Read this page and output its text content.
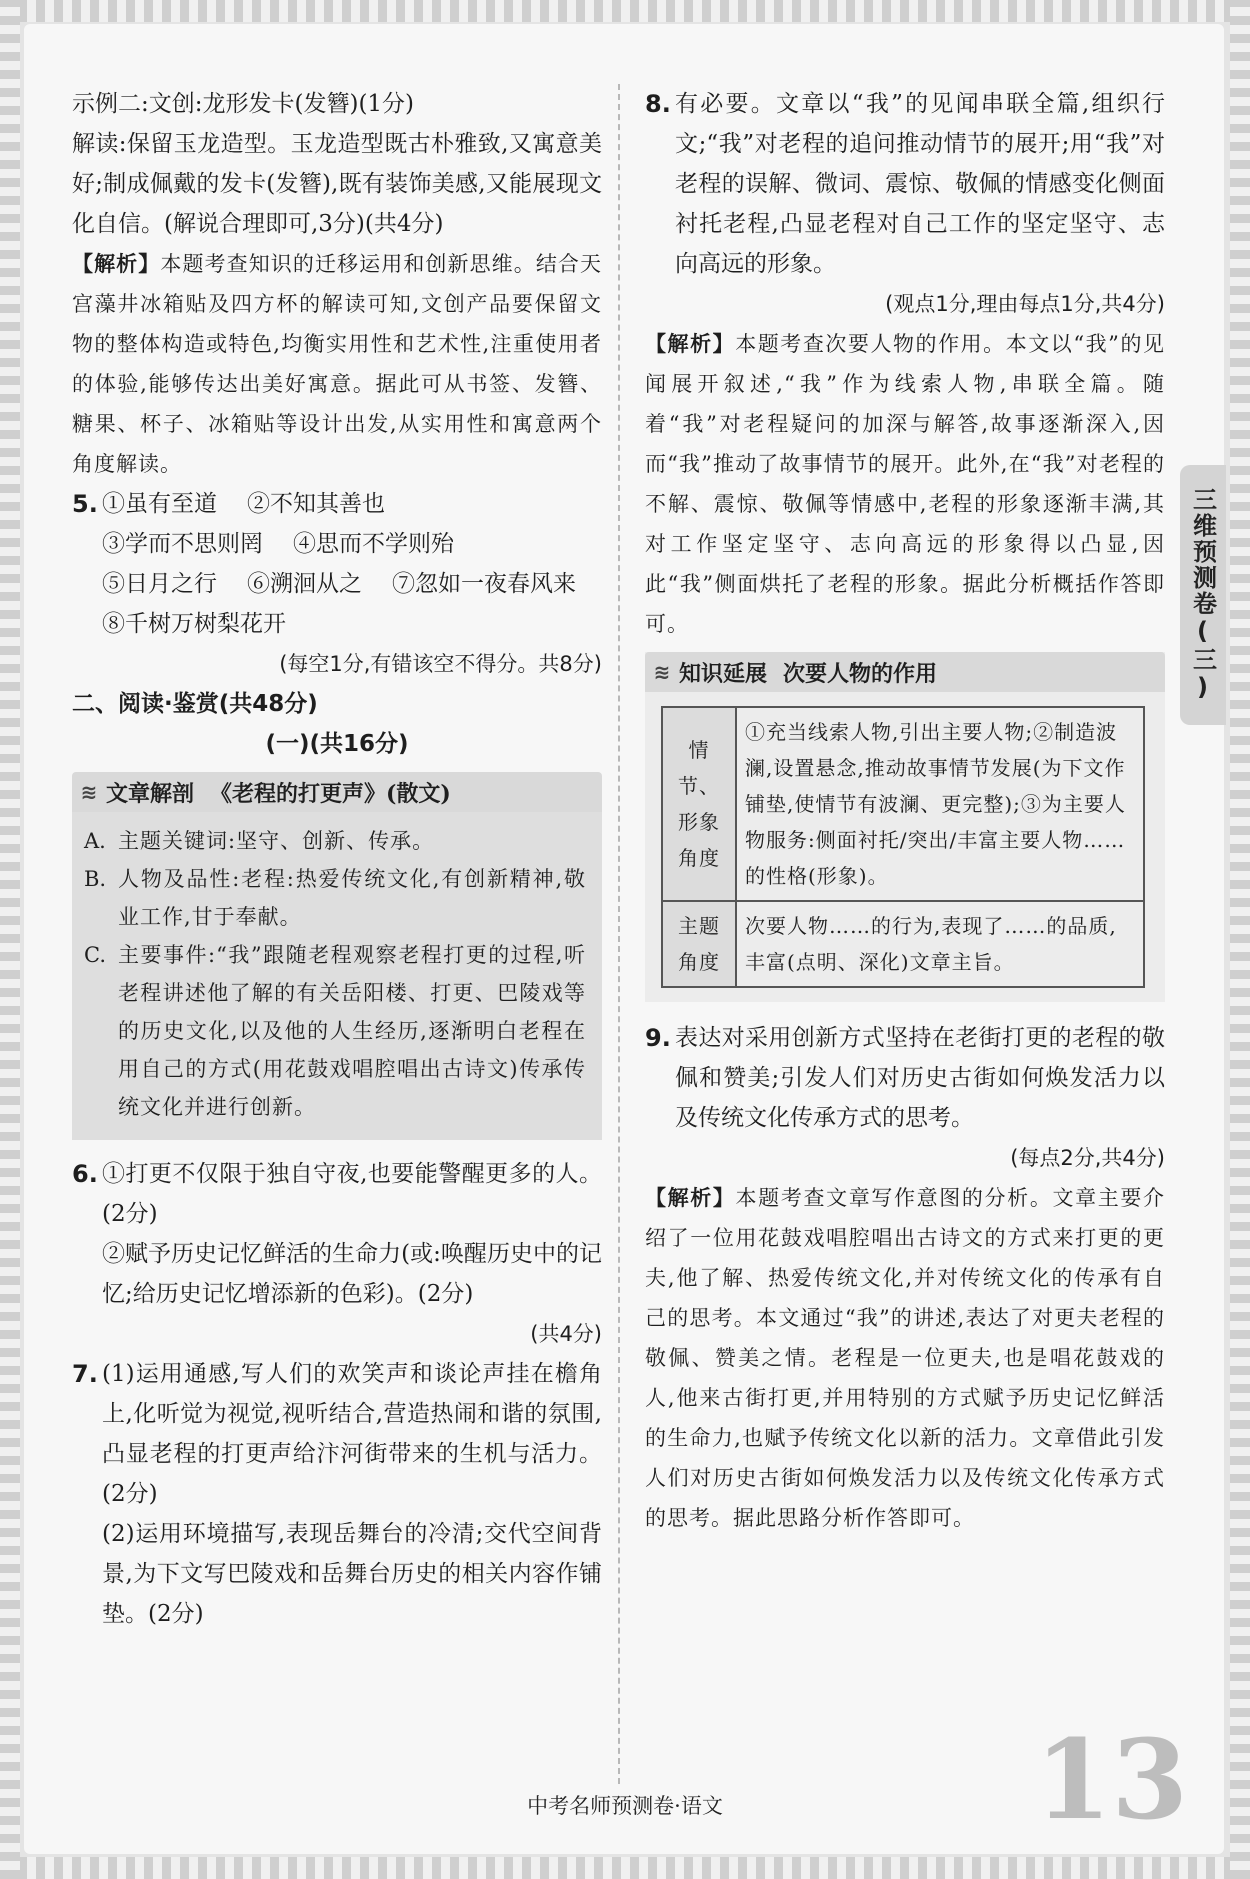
示例二:文创:龙形发卡(发簪)(1分)

解读:保留玉龙造型。玉龙造型既古朴雅致,又寓意美好;制成佩戴的发卡(发簪),既有装饰美感,又能展现文化自信。(解说合理即可,3分)(共4分)

【解析】本题考查知识的迁移运用和创新思维。结合天宫藻井冰箱贴及四方杯的解读可知,文创产品要保留文物的整体构造或特色,均衡实用性和艺术性,注重使用者的体验,能够传达出美好寓意。据此可从书签、发簪、糖果、杯子、冰箱贴等设计出发,从实用性和寓意两个角度解读。

5. ①虽有至道 ②不知其善也
③学而不思则罔 ④思而不学则殆
⑤日月之行 ⑥溯洄从之 ⑦忽如一夜春风来
⑧千树万树梨花开

(每空1分,有错该空不得分。共8分)

二、阅读·鉴赏(共48分)

(一)(共16分)

≋ 文章解剖 《老程的打更声》(散文)
A. 主题关键词:坚守、创新、传承。

B. 人物及品性:老程:热爱传统文化,有创新精神,敬业工作,甘于奉献。

C. 主要事件:“我”跟随老程观察老程打更的过程,听老程讲述他了解的有关岳阳楼、打更、巴陵戏等的历史文化,以及他的人生经历,逐渐明白老程在用自己的方式(用花鼓戏唱腔唱出古诗文)传承传统文化并进行创新。

6. ①打更不仅限于独自守夜,也要能警醒更多的人。(2分)

②赋予历史记忆鲜活的生命力(或:唤醒历史中的记忆;给历史记忆增添新的色彩)。(2分)

(共4分)

7. (1)运用通感,写人们的欢笑声和谈论声挂在檐角上,化听觉为视觉,视听结合,营造热闹和谐的氛围,凸显老程的打更声给汴河街带来的生机与活力。(2分)

(2)运用环境描写,表现岳舞台的冷清;交代空间背景,为下文写巴陵戏和岳舞台历史的相关内容作铺垫。(2分)

8. 有必要。文章以“我”的见闻串联全篇,组织行文;“我”对老程的追问推动情节的展开;用“我”对老程的误解、微词、震惊、敬佩的情感变化侧面衬托老程,凸显老程对自己工作的坚定坚守、志向高远的形象。

(观点1分,理由每点1分,共4分)

【解析】本题考查次要人物的作用。本文以“我”的见闻展开叙述,“我”作为线索人物,串联全篇。随着“我”对老程疑问的加深与解答,故事逐渐深入,因而“我”推动了故事情节的展开。此外,在“我”对老程的不解、震惊、敬佩等情感中,老程的形象逐渐丰满,其对工作坚定坚守、志向高远的形象得以凸显,因此“我”侧面烘托了老程的形象。据此分析概括作答即可。

≋ 知识延展 次要人物的作用
情节、形象角度	①充当线索人物,引出主要人物;②制造波澜,设置悬念,推动故事情节发展(为下文作铺垫,使情节有波澜、更完整);③为主要人物服务:侧面衬托/突出/丰富主要人物……的性格(形象)。
主题角度	次要人物……的行为,表现了……的品质,丰富(点明、深化)文章主旨。
9. 表达对采用创新方式坚持在老街打更的老程的敬佩和赞美;引发人们对历史古街如何焕发活力以及传统文化传承方式的思考。

(每点2分,共4分)

【解析】本题考查文章写作意图的分析。文章主要介绍了一位用花鼓戏唱腔唱出古诗文的方式来打更的更夫,他了解、热爱传统文化,并对传统文化的传承有自己的思考。本文通过“我”的讲述,表达了对更夫老程的敬佩、赞美之情。老程是一位更夫,也是唱花鼓戏的人,他来古街打更,并用特别的方式赋予历史记忆鲜活的生命力,也赋予传统文化以新的活力。文章借此引发人们对历史古街如何焕发活力以及传统文化传承方式的思考。据此思路分析作答即可。

三维预测卷(三)
13
中考名师预测卷·语文
